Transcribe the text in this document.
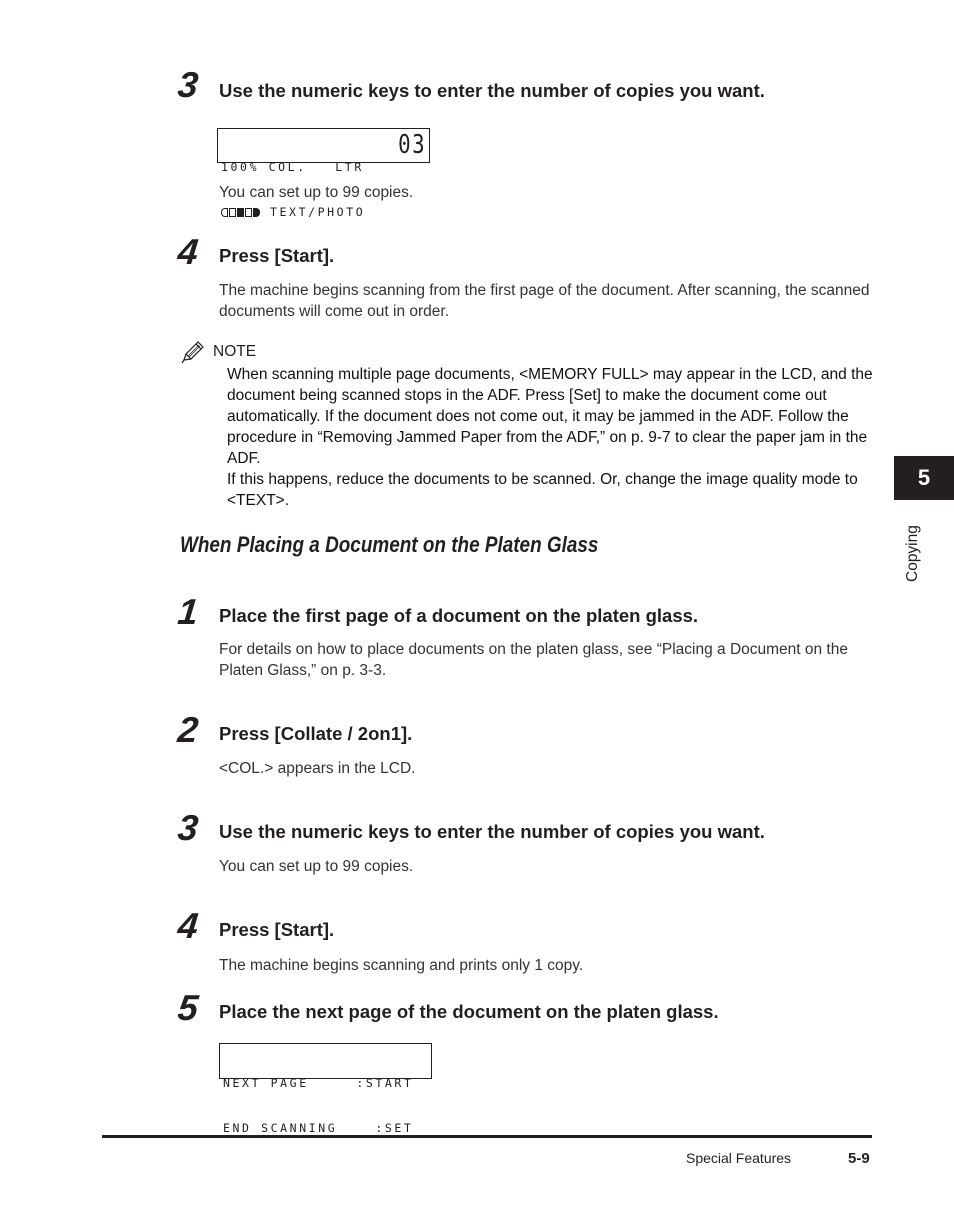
3 Use the numeric keys to enter the number of copies you want.

100% COL.   LTR

TEXT/PHOTO

03

You can set up to 99 copies.
4 Press [Start].
The machine begins scanning from the first page of the document. After scanning, the scanned documents will come out in order.
NOTE
When scanning multiple page documents, <MEMORY FULL> may appear in the LCD, and the document being scanned stops in the ADF. Press [Set] to make the document come out automatically. If the document does not come out, it may be jammed in the ADF. Follow the procedure in “Removing Jammed Paper from the ADF,” on p. 9-7 to clear the paper jam in the ADF.
If this happens, reduce the documents to be scanned. Or, change the image quality mode to <TEXT>.
When Placing a Document on the Platen Glass
1 Place the first page of a document on the platen glass.
For details on how to place documents on the platen glass, see “Placing a Document on the Platen Glass,” on p. 3-3.
2 Press [Collate / 2on1].
<COL.> appears in the LCD.
3 Use the numeric keys to enter the number of copies you want.
You can set up to 99 copies.
4 Press [Start].
The machine begins scanning and prints only 1 copy.
5 Place the next page of the document on the platen glass.

NEXT PAGE     :START

END SCANNING    :SET

5
Copying
Special Features	5-9
